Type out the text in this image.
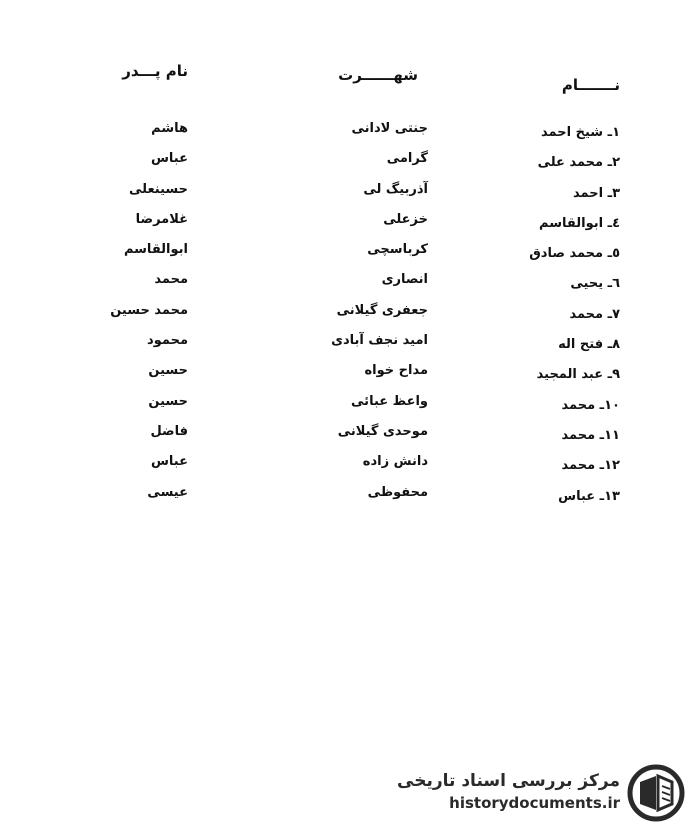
نـــــــام
١ـ شیخ احمد
٢ـ محمد علی
٣ـ احمد
٤ـ ابوالقاسم
٥ـ محمد صادق
٦ـ یحیی
٧ـ محمد
٨ـ فتح اله
٩ـ عبد المجید
١٠ـ محمد
١١ـ محمد
١٢ـ محمد
١٣ـ عباس
شهــــــرت
جنتی لادانی
گرامی
آذربیگ لی
خزعلی
کرباسچی
انصاری
جعفری گیلانی
امید نجف آبادی
مداح خواه
واعظ عبائی
موحدی گیلانی
دانش زاده
محفوظی
نام پـــدر
هاشم
عباس
حسینعلی
غلامرضا
ابوالقاسم
محمد
محمد حسین
محمود
حسین
حسین
فاضل
عباس
عیسی
مرکز بررسی اسناد تاریخی
historydocuments.ir
